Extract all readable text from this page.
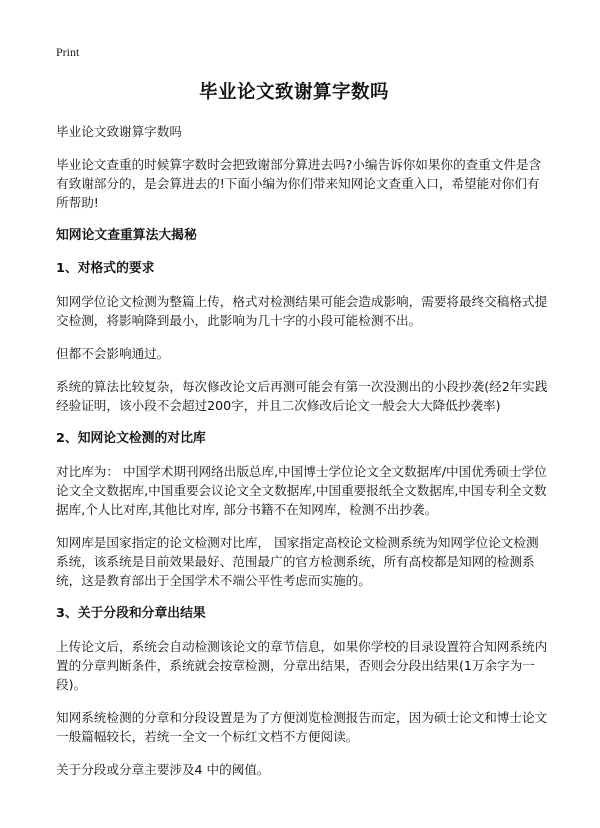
Print
毕业论文致谢算字数吗
毕业论文致谢算字数吗
毕业论文查重的时候算字数时会把致谢部分算进去吗?小编告诉你如果你的查重文件是含有致谢部分的，是会算进去的!下面小编为你们带来知网论文查重入口，希望能对你们有所帮助!
知网论文查重算法大揭秘
1、对格式的要求
知网学位论文检测为整篇上传，格式对检测结果可能会造成影响，需要将最终交稿格式提交检测，将影响降到最小，此影响为几十字的小段可能检测不出。
但都不会影响通过。
系统的算法比较复杂，每次修改论文后再测可能会有第一次没测出的小段抄袭(经2年实践经验证明，该小段不会超过200字，并且二次修改后论文一般会大大降低抄袭率)
2、知网论文检测的对比库
对比库为： 中国学术期刊网络出版总库,中国博士学位论文全文数据库/中国优秀硕士学位论文全文数据库,中国重要会议论文全文数据库,中国重要报纸全文数据库,中国专利全文数据库,个人比对库,其他比对库, 部分书籍不在知网库，检测不出抄袭。
知网库是国家指定的论文检测对比库， 国家指定高校论文检测系统为知网学位论文检测系统，该系统是目前效果最好、范围最广的官方检测系统，所有高校都是知网的检测系统，这是教育部出于全国学术不端公平性考虑而实施的。
3、关于分段和分章出结果
上传论文后，系统会自动检测该论文的章节信息，如果你学校的目录设置符合知网系统内置的分章判断条件，系统就会按章检测，分章出结果，否则会分段出结果(1万余字为一段)。
知网系统检测的分章和分段设置是为了方便浏览检测报告而定，因为硕士论文和博士论文一般篇幅较长，若统一全文一个标红文档不方便阅读。
关于分段或分章主要涉及4 中的阈值。
